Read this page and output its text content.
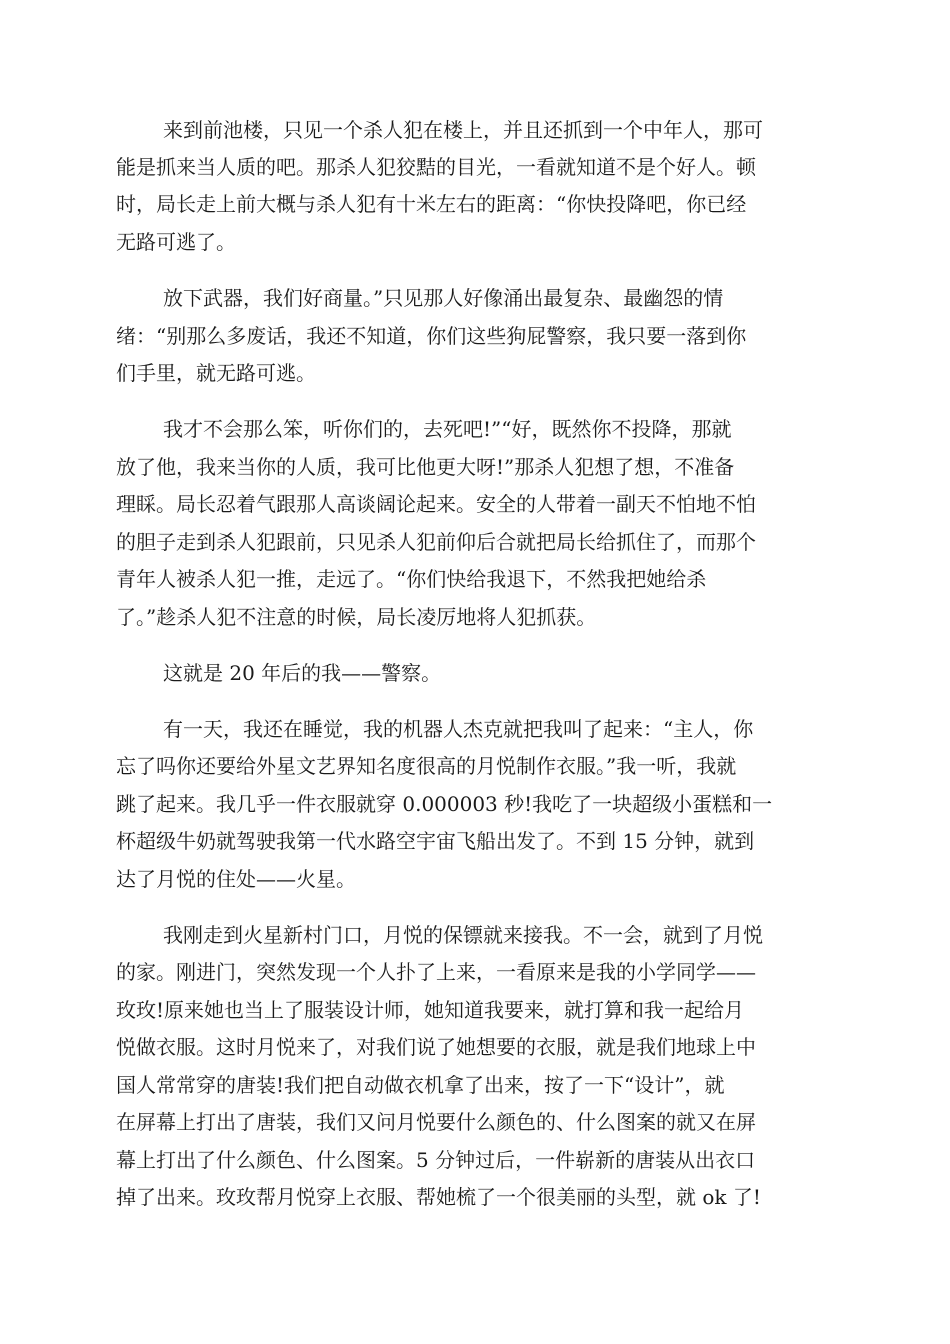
来到前池楼，只见一个杀人犯在楼上，并且还抓到一个中年人，那可
能是抓来当人质的吧。那杀人犯狡黠的目光，一看就知道不是个好人。顿
时，局长走上前大概与杀人犯有十米左右的距离：“你快投降吧，你已经
无路可逃了。
放下武器，我们好商量。”只见那人好像涌出最复杂、最幽怨的情
绪：“别那么多废话，我还不知道，你们这些狗屁警察，我只要一落到你
们手里，就无路可逃。
我才不会那么笨，听你们的，去死吧!”“好，既然你不投降，那就
放了他，我来当你的人质，我可比他更大呀!”那杀人犯想了想，不准备
理睬。局长忍着气跟那人高谈阔论起来。安全的人带着一副天不怕地不怕
的胆子走到杀人犯跟前，只见杀人犯前仰后合就把局长给抓住了，而那个
青年人被杀人犯一推，走远了。“你们快给我退下，不然我把她给杀
了。”趁杀人犯不注意的时候，局长凌厉地将人犯抓获。
这就是 20 年后的我——警察。
有一天，我还在睡觉，我的机器人杰克就把我叫了起来：“主人，你
忘了吗你还要给外星文艺界知名度很高的月悦制作衣服。”我一听，我就
跳了起来。我几乎一件衣服就穿 0.000003 秒!我吃了一块超级小蛋糕和一
杯超级牛奶就驾驶我第一代水路空宇宙飞船出发了。不到 15 分钟，就到
达了月悦的住处——火星。
我刚走到火星新村门口，月悦的保镖就来接我。不一会，就到了月悦
的家。刚进门，突然发现一个人扑了上来，一看原来是我的小学同学——
玫玫!原来她也当上了服装设计师，她知道我要来，就打算和我一起给月
悦做衣服。这时月悦来了，对我们说了她想要的衣服，就是我们地球上中
国人常常穿的唐装!我们把自动做衣机拿了出来，按了一下“设计”，就
在屏幕上打出了唐装，我们又问月悦要什么颜色的、什么图案的就又在屏
幕上打出了什么颜色、什么图案。5 分钟过后，一件崭新的唐装从出衣口
掉了出来。玫玫帮月悦穿上衣服、帮她梳了一个很美丽的头型，就 ok 了!
